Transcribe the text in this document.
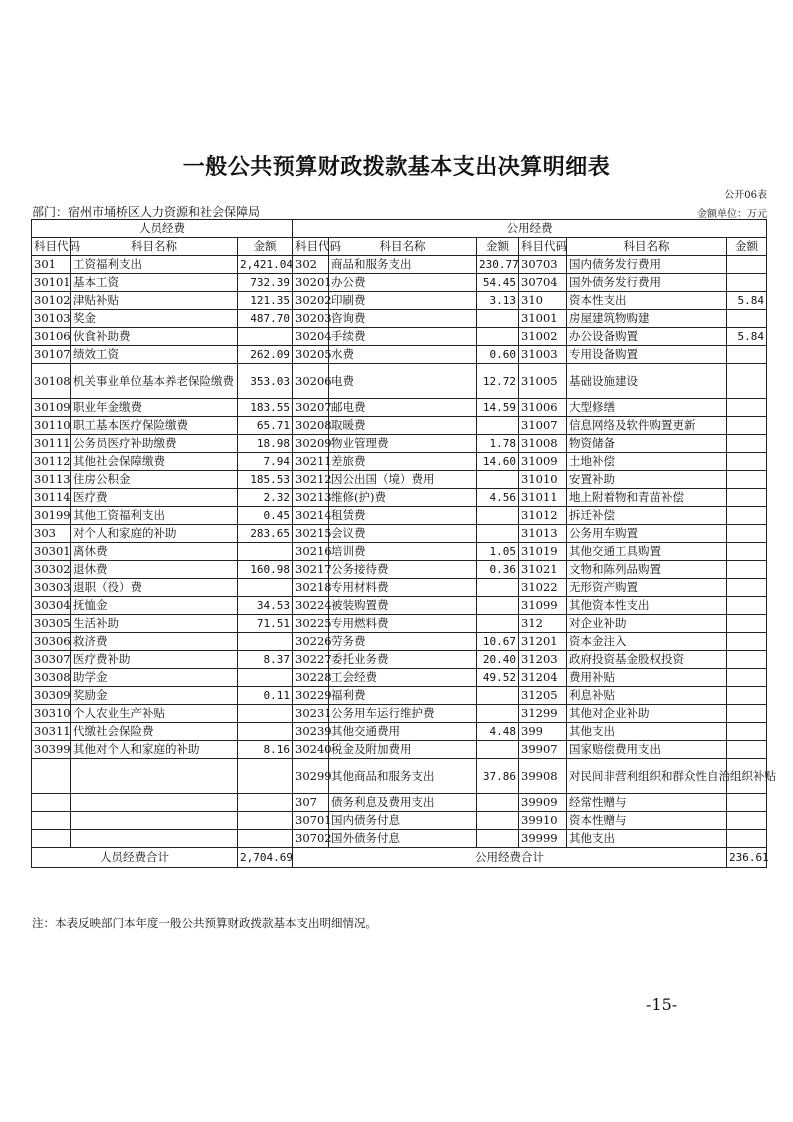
一般公共预算财政拨款基本支出决算明细表
公开06表
部门：宿州市埇桥区人力资源和社会保障局	金额单位：万元
人员经费			公用经费					
科目代码	科目名称	金额	科目代码	科目名称	金额	科目代码	科目名称	金额
301	工资福利支出	2,421.04	302	商品和服务支出	230.77	30703	国内债务发行费用	
30101	基本工资	732.39	30201	办公费	54.45	30704	国外债务发行费用	
30102	津贴补贴	121.35	30202	印刷费	3.13	310	资本性支出	5.84
30103	奖金	487.70	30203	咨询费		31001	房屋建筑物购建	
30106	伙食补助费		30204	手续费		31002	办公设备购置	5.84
30107	绩效工资	262.09	30205	水费	0.60	31003	专用设备购置	
30108	机关事业单位基本养老保险缴费	353.03	30206	电费	12.72	31005	基础设施建设	
30109	职业年金缴费	183.55	30207	邮电费	14.59	31006	大型修缮	
30110	职工基本医疗保险缴费	65.71	30208	取暖费		31007	信息网络及软件购置更新	
30111	公务员医疗补助缴费	18.98	30209	物业管理费	1.78	31008	物资储备	
30112	其他社会保障缴费	7.94	30211	差旅费	14.60	31009	土地补偿	
30113	住房公积金	185.53	30212	因公出国（境）费用		31010	安置补助	
30114	医疗费	2.32	30213	维修(护)费	4.56	31011	地上附着物和青苗补偿	
30199	其他工资福利支出	0.45	30214	租赁费		31012	拆迁补偿	
303	对个人和家庭的补助	283.65	30215	会议费		31013	公务用车购置	
30301	离休费		30216	培训费	1.05	31019	其他交通工具购置	
30302	退休费	160.98	30217	公务接待费	0.36	31021	文物和陈列品购置	
30303	退职（役）费		30218	专用材料费		31022	无形资产购置	
30304	抚恤金	34.53	30224	被装购置费		31099	其他资本性支出	
30305	生活补助	71.51	30225	专用燃料费		312	对企业补助	
30306	救济费		30226	劳务费	10.67	31201	资本金注入	
30307	医疗费补助	8.37	30227	委托业务费	20.40	31203	政府投资基金股权投资	
30308	助学金		30228	工会经费	49.52	31204	费用补贴	
30309	奖励金	0.11	30229	福利费		31205	利息补贴	
30310	个人农业生产补贴		30231	公务用车运行维护费		31299	其他对企业补助	
30311	代缴社会保险费		30239	其他交通费用	4.48	399	其他支出	
30399	其他对个人和家庭的补助	8.16	30240	税金及附加费用		39907	国家赔偿费用支出	
			30299	其他商品和服务支出	37.86	39908	对民间非营利组织和群众性自治组织补贴	
			307	债务利息及费用支出		39909	经常性赠与	
			30701	国内债务付息		39910	资本性赠与	
			30702	国外债务付息		39999	其他支出	
人员经费合计		2,704.69	公用经费合计					236.61
注：本表反映部门本年度一般公共预算财政拨款基本支出明细情况。
-15-
